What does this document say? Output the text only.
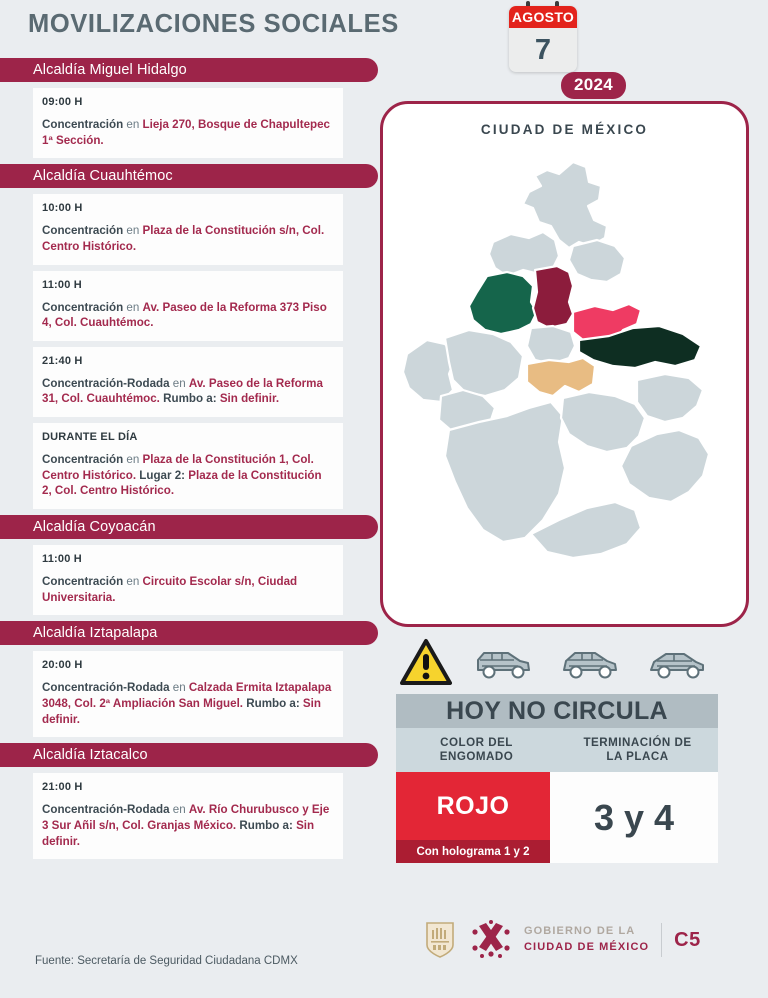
MOVILIZACIONES SOCIALES
Alcaldía Miguel Hidalgo
09:00 H
Concentración en Lieja 270, Bosque de Chapultepec 1ª Sección.
Alcaldía Cuauhtémoc
10:00 H
Concentración en Plaza de la Constitución s/n, Col. Centro Histórico.
11:00 H
Concentración en Av. Paseo de la Reforma 373 Piso 4, Col. Cuauhtémoc.
21:40 H
Concentración-Rodada en Av. Paseo de la Reforma 31, Col. Cuauhtémoc. Rumbo a: Sin definir.
DURANTE EL DÍA
Concentración en Plaza de la Constitución 1, Col. Centro Histórico. Lugar 2: Plaza de la Constitución 2, Col. Centro Histórico.
Alcaldía Coyoacán
11:00 H
Concentración en Circuito Escolar s/n, Ciudad Universitaria.
Alcaldía Iztapalapa
20:00 H
Concentración-Rodada en Calzada Ermita Iztapalapa 3048, Col. 2ª Ampliación San Miguel. Rumbo a: Sin definir.
Alcaldía Iztacalco
21:00 H
Concentración-Rodada en Av. Río Churubusco y Eje 3 Sur Añil s/n, Col. Granjas México. Rumbo a: Sin definir.
Fuente: Secretaría de Seguridad Ciudadana CDMX
AGOSTO
7
2024
CIUDAD DE MÉXICO
HOY NO CIRCULA
COLOR DEL
ENGOMADO
TERMINACIÓN DE
LA PLACA
ROJO
Con holograma 1 y 2
3 y 4
GOBIERNO DE LA
CIUDAD DE MÉXICO C5
